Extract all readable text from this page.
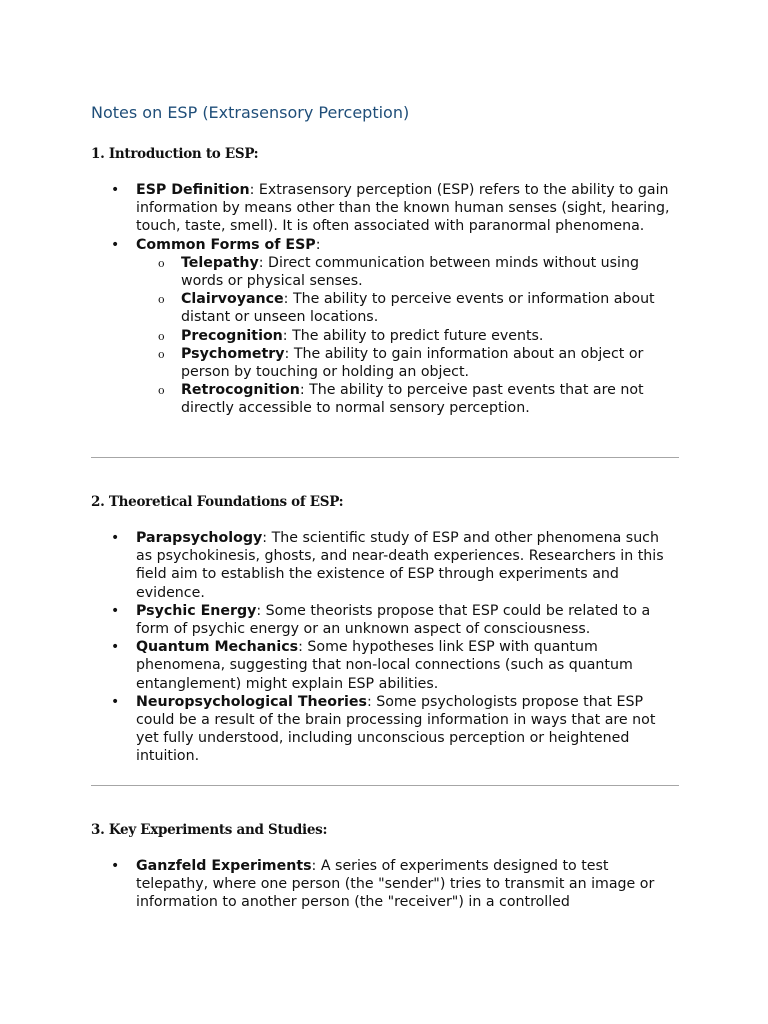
Notes on ESP (Extrasensory Perception)
1. Introduction to ESP:
• ESP Definition: Extrasensory perception (ESP) refers to the ability to gain information by means other than the known human senses (sight, hearing, touch, taste, smell). It is often associated with paranormal phenomena.
• Common Forms of ESP:
o Telepathy: Direct communication between minds without using words or physical senses.
o Clairvoyance: The ability to perceive events or information about distant or unseen locations.
o Precognition: The ability to predict future events.
o Psychometry: The ability to gain information about an object or person by touching or holding an object.
o Retrocognition: The ability to perceive past events that are not directly accessible to normal sensory perception.
2. Theoretical Foundations of ESP:
• Parapsychology: The scientific study of ESP and other phenomena such as psychokinesis, ghosts, and near-death experiences. Researchers in this field aim to establish the existence of ESP through experiments and evidence.
• Psychic Energy: Some theorists propose that ESP could be related to a form of psychic energy or an unknown aspect of consciousness.
• Quantum Mechanics: Some hypotheses link ESP with quantum phenomena, suggesting that non-local connections (such as quantum entanglement) might explain ESP abilities.
• Neuropsychological Theories: Some psychologists propose that ESP could be a result of the brain processing information in ways that are not yet fully understood, including unconscious perception or heightened intuition.
3. Key Experiments and Studies:
• Ganzfeld Experiments: A series of experiments designed to test telepathy, where one person (the "sender") tries to transmit an image or information to another person (the "receiver") in a controlled
